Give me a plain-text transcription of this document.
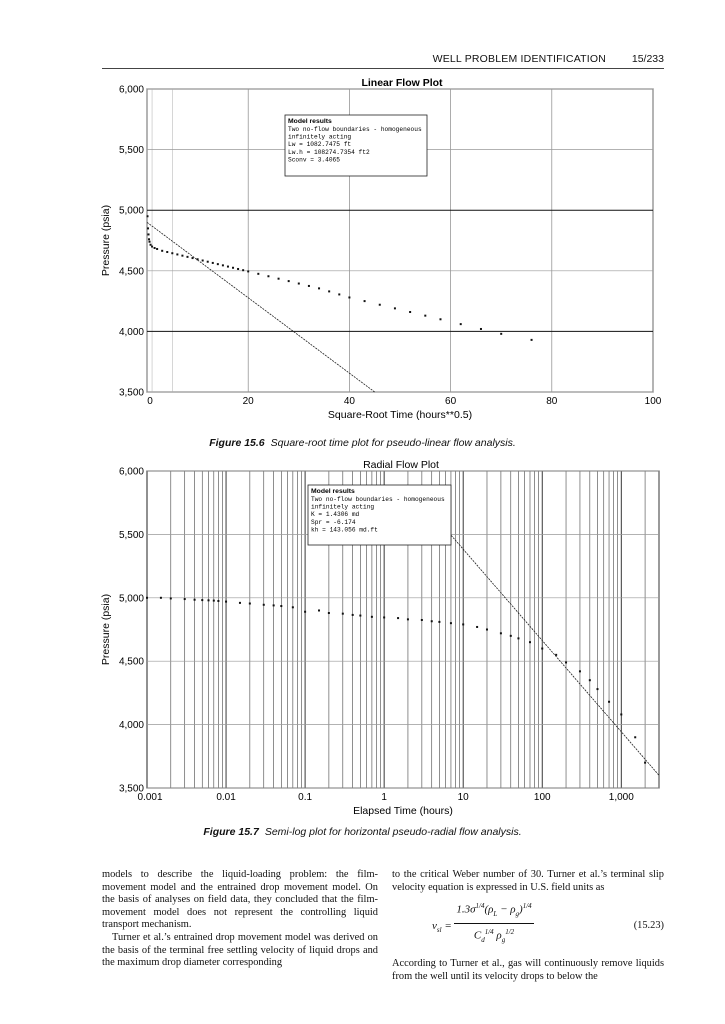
WELL PROBLEM IDENTIFICATION 15/233
0	20	40	60	80	100
3,500
4,000
4,500
5,000
5,500
6,000
Square-Root Time (hours**0.5)
Pressure (psia)
Linear Flow Plot
Model results
Two no-flow boundaries - homogeneous
infinitely acting
Lw = 1082.7475 ft
Lw.h = 108274.7354 ft2
Sconv = 3.4065
Figure 15.6 Square-root time plot for pseudo-linear flow analysis.
0.001	0.01	0.1	1	10	100	1,000
3,500
4,000
4,500
5,000
5,500
6,000
Elapsed Time (hours)
Pressure (psia)
Radial Flow Plot
Model results
Two no-flow boundaries - homogeneous
infinitely acting
K = 1.4306 md
Spr = -6.174
kh = 143.056 md.ft
Figure 15.7 Semi-log plot for horizontal pseudo-radial flow analysis.

models to describe the liquid-loading problem: the film-movement model and the entrained drop movement model. On the basis of analyses on field data, they concluded that the film-movement model does not represent the controlling liquid transport mechanism.

Turner et al.’s entrained drop movement model was derived on the basis of the terminal free settling velocity of liquid drops and the maximum drop diameter corresponding

to the critical Weber number of 30. Turner et al.’s terminal slip velocity equation is expressed in U.S. field units as

$v_{sl} = \frac{1.3\sigma^{1/4}(\rho_L - \rho_g)^{1/4}}{C_d^{1/4} \rho_g^{1/2}}$	(15.23)

According to Turner et al., gas will continuously remove liquids from the well until its velocity drops to below the
